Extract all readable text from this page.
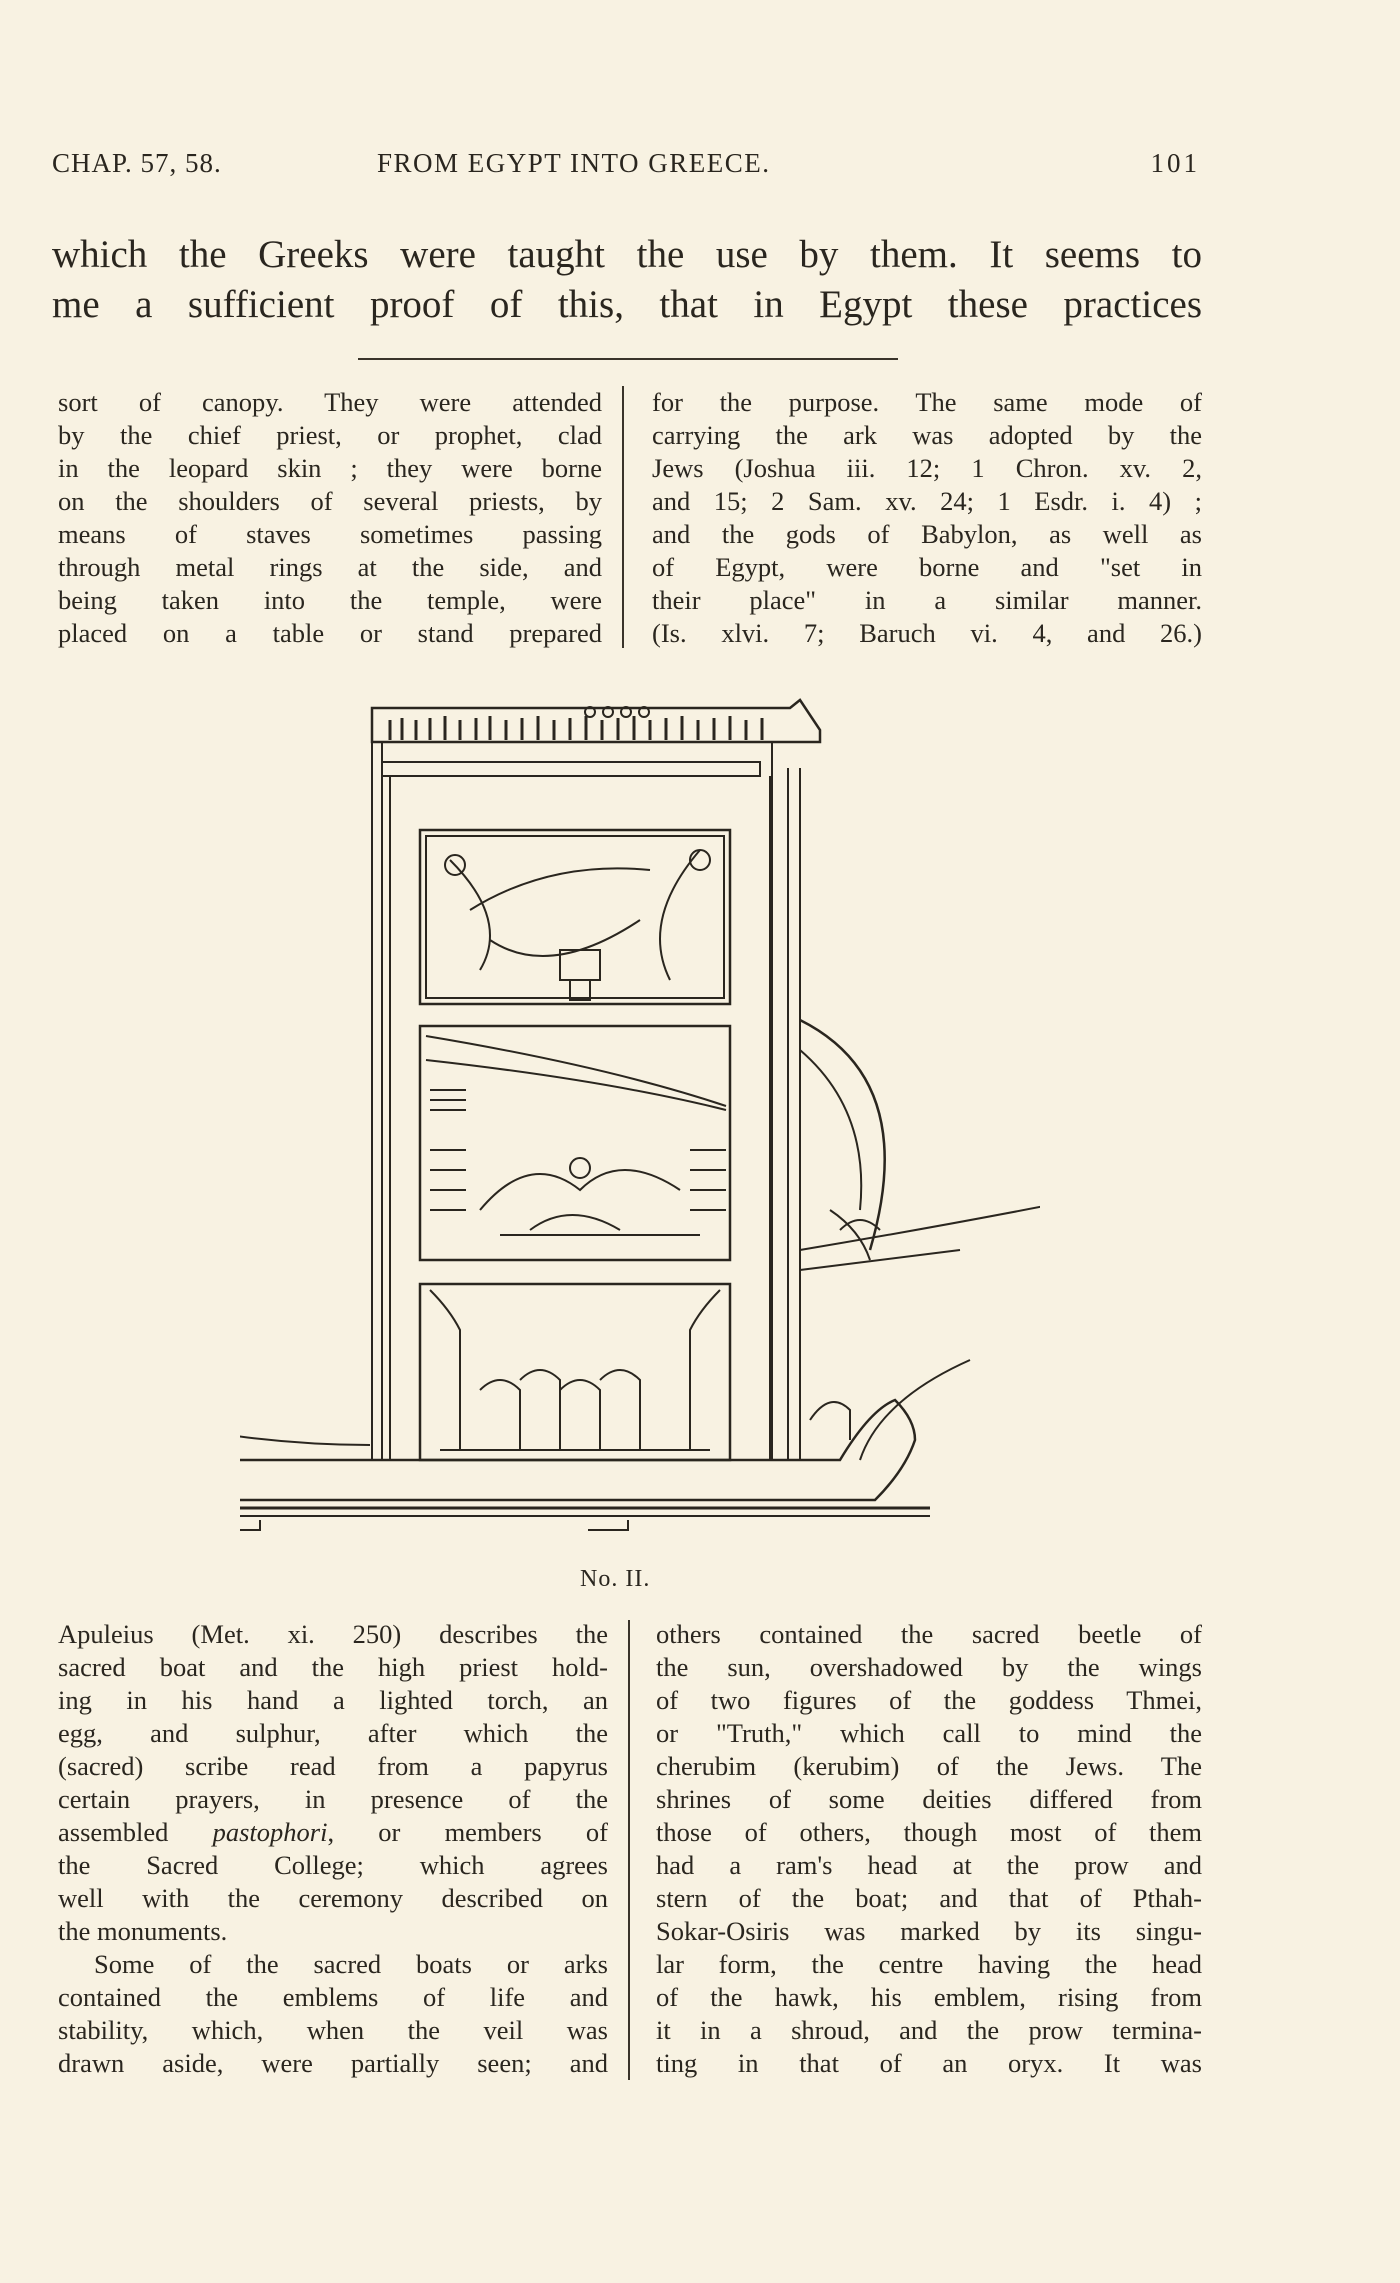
CHAP. 57, 58.	FROM EGYPT INTO GREECE.	101
which the Greeks were taught the use by them. It seems to
me a sufficient proof of this, that in Egypt these practices
sort of canopy. They were attended
by the chief priest, or prophet, clad
in the leopard skin ; they were borne
on the shoulders of several priests, by
means of staves sometimes passing
through metal rings at the side, and
being taken into the temple, were
placed on a table or stand prepared
for the purpose. The same mode of
carrying the ark was adopted by the
Jews (Joshua iii. 12; 1 Chron. xv. 2,
and 15; 2 Sam. xv. 24; 1 Esdr. i. 4) ;
and the gods of Babylon, as well as
of Egypt, were borne and "set in
their place" in a similar manner.
(Is. xlvi. 7; Baruch vi. 4, and 26.)
No. II.
Apuleius (Met. xi. 250) describes the
sacred boat and the high priest hold-
ing in his hand a lighted torch, an
egg, and sulphur, after which the
(sacred) scribe read from a papyrus
certain prayers, in presence of the
assembled pastophori, or members of
the Sacred College; which agrees
well with the ceremony described on
the monuments.
Some of the sacred boats or arks
contained the emblems of life and
stability, which, when the veil was
drawn aside, were partially seen; and
others contained the sacred beetle of
the sun, overshadowed by the wings
of two figures of the goddess Thmei,
or "Truth," which call to mind the
cherubim (kerubim) of the Jews. The
shrines of some deities differed from
those of others, though most of them
had a ram's head at the prow and
stern of the boat; and that of Pthah-
Sokar-Osiris was marked by its singu-
lar form, the centre having the head
of the hawk, his emblem, rising from
it in a shroud, and the prow termina-
ting in that of an oryx. It was
